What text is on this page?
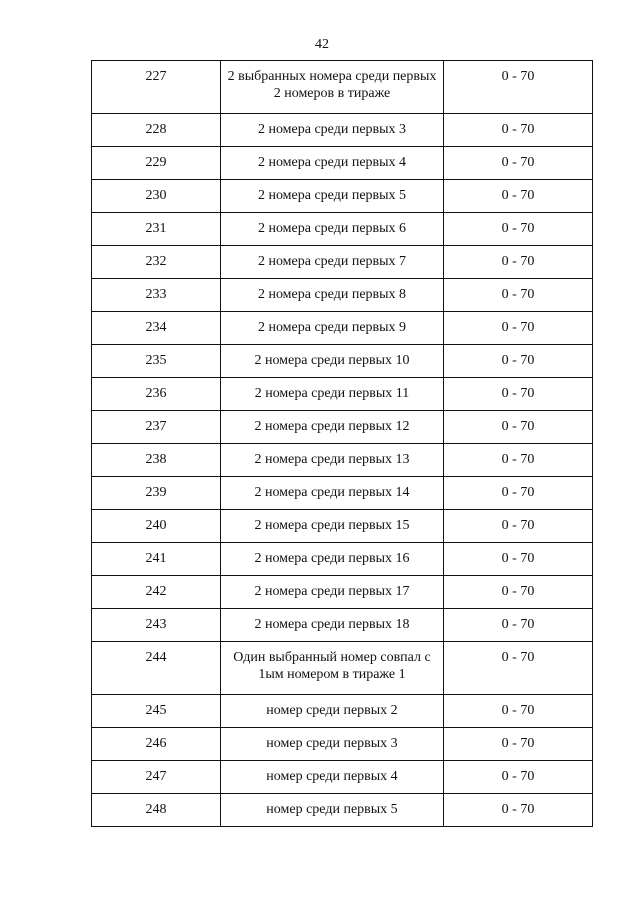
42
227	2 выбранных номера среди первых 2 номеров в тираже	0 - 70
228	2 номера среди первых 3	0 - 70
229	2 номера среди первых 4	0 - 70
230	2 номера среди первых 5	0 - 70
231	2 номера среди первых 6	0 - 70
232	2 номера среди первых 7	0 - 70
233	2 номера среди первых 8	0 - 70
234	2 номера среди первых 9	0 - 70
235	2 номера среди первых 10	0 - 70
236	2 номера среди первых 11	0 - 70
237	2 номера среди первых 12	0 - 70
238	2 номера среди первых 13	0 - 70
239	2 номера среди первых 14	0 - 70
240	2 номера среди первых 15	0 - 70
241	2 номера среди первых 16	0 - 70
242	2 номера среди первых 17	0 - 70
243	2 номера среди первых 18	0 - 70
244	Один выбранный номер совпал с 1ым номером в тираже 1	0 - 70
245	номер среди первых 2	0 - 70
246	номер среди первых 3	0 - 70
247	номер среди первых 4	0 - 70
248	номер среди первых 5	0 - 70
